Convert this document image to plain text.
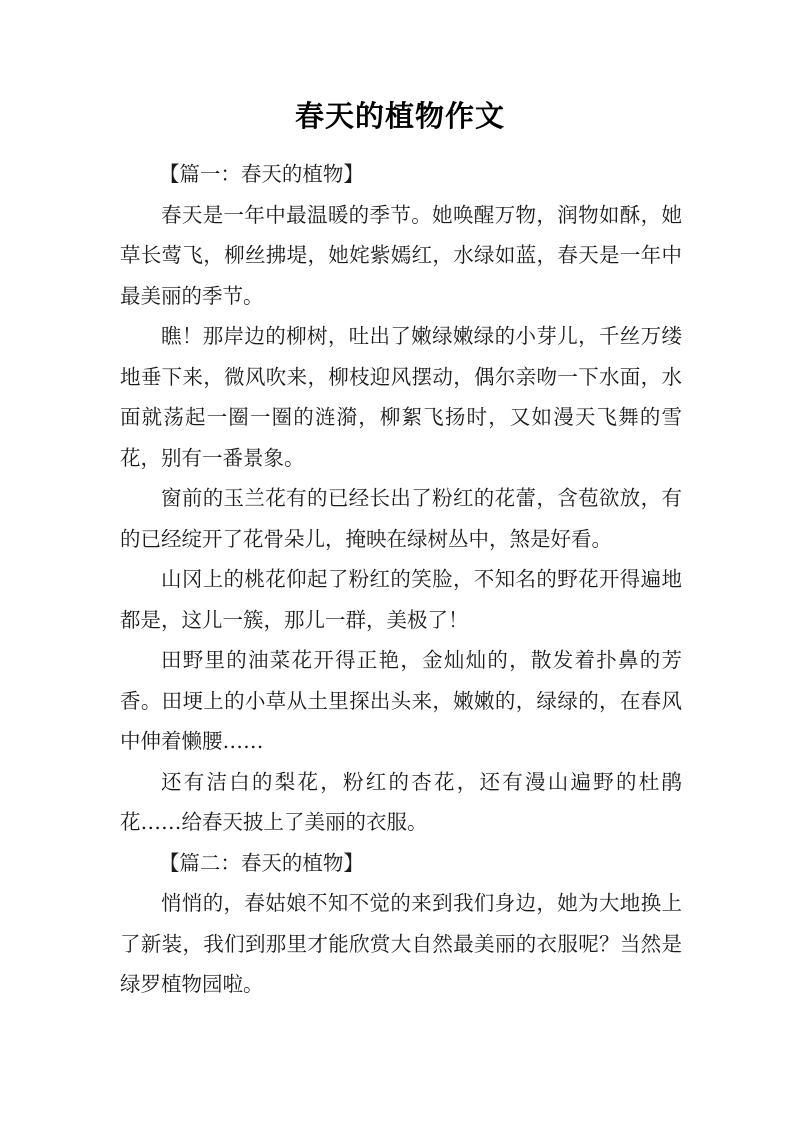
春天的植物作文

【篇一：春天的植物】

春天是一年中最温暖的季节。她唤醒万物，润物如酥，她草长莺飞，柳丝拂堤，她姹紫嫣红，水绿如蓝，春天是一年中最美丽的季节。

瞧！那岸边的柳树，吐出了嫩绿嫩绿的小芽儿，千丝万缕地垂下来，微风吹来，柳枝迎风摆动，偶尔亲吻一下水面，水面就荡起一圈一圈的涟漪，柳絮飞扬时，又如漫天飞舞的雪花，别有一番景象。

窗前的玉兰花有的已经长出了粉红的花蕾，含苞欲放，有的已经绽开了花骨朵儿，掩映在绿树丛中，煞是好看。

山冈上的桃花仰起了粉红的笑脸，不知名的野花开得遍地都是，这儿一簇，那儿一群，美极了！

田野里的油菜花开得正艳，金灿灿的，散发着扑鼻的芳香。田埂上的小草从土里探出头来，嫩嫩的，绿绿的，在春风中伸着懒腰……

还有洁白的梨花，粉红的杏花，还有漫山遍野的杜鹃花……给春天披上了美丽的衣服。

【篇二：春天的植物】

悄悄的，春姑娘不知不觉的来到我们身边，她为大地换上了新装，我们到那里才能欣赏大自然最美丽的衣服呢？当然是绿罗植物园啦。
